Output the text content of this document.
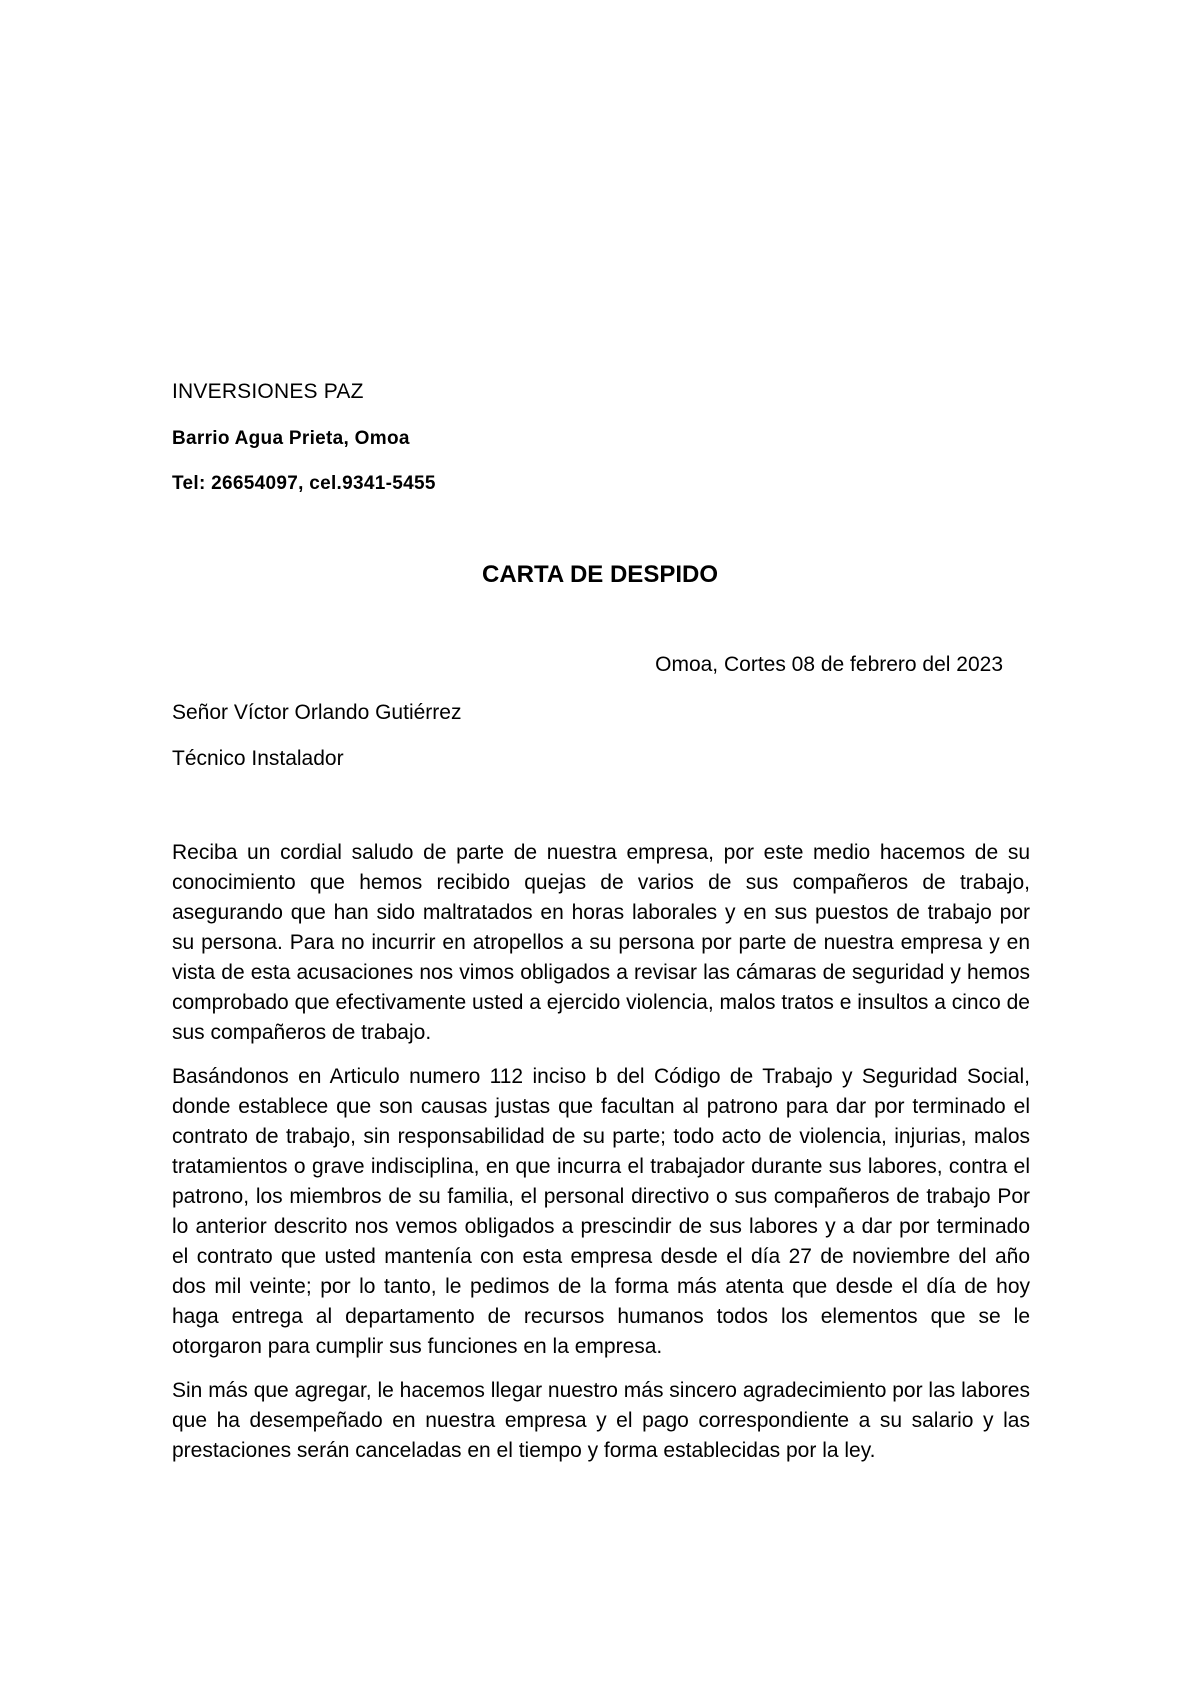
INVERSIONES PAZ
Barrio Agua Prieta, Omoa
Tel: 26654097, cel.9341-5455
CARTA DE DESPIDO
Omoa, Cortes 08 de febrero del 2023
Señor Víctor Orlando Gutiérrez
Técnico Instalador

Reciba un cordial saludo de parte de nuestra empresa, por este medio hacemos de su conocimiento que hemos recibido quejas de varios de sus compañeros de trabajo, asegurando que han sido maltratados en horas laborales y en sus puestos de trabajo por su persona. Para no incurrir en atropellos a su persona por parte de nuestra empresa y en vista de esta acusaciones nos vimos obligados a revisar las cámaras de seguridad y hemos comprobado que efectivamente usted a ejercido violencia, malos tratos e insultos a cinco de sus compañeros de trabajo.

Basándonos en Articulo numero 112 inciso b del Código de Trabajo y Seguridad Social, donde establece que son causas justas que facultan al patrono para dar por terminado el contrato de trabajo, sin responsabilidad de su parte; todo acto de violencia, injurias, malos tratamientos o grave indisciplina, en que incurra el trabajador durante sus labores, contra el patrono, los miembros de su familia, el personal directivo o sus compañeros de trabajo Por lo anterior descrito nos vemos obligados a prescindir de sus labores y a dar por terminado el contrato que usted mantenía con esta empresa desde el día 27 de noviembre del año dos mil veinte; por lo tanto, le pedimos de la forma más atenta que desde el día de hoy haga entrega al departamento de recursos humanos todos los elementos que se le otorgaron para cumplir sus funciones en la empresa.

Sin más que agregar, le hacemos llegar nuestro más sincero agradecimiento por las labores que ha desempeñado en nuestra empresa y el pago correspondiente a su salario y las prestaciones serán canceladas en el tiempo y forma establecidas por la ley.
